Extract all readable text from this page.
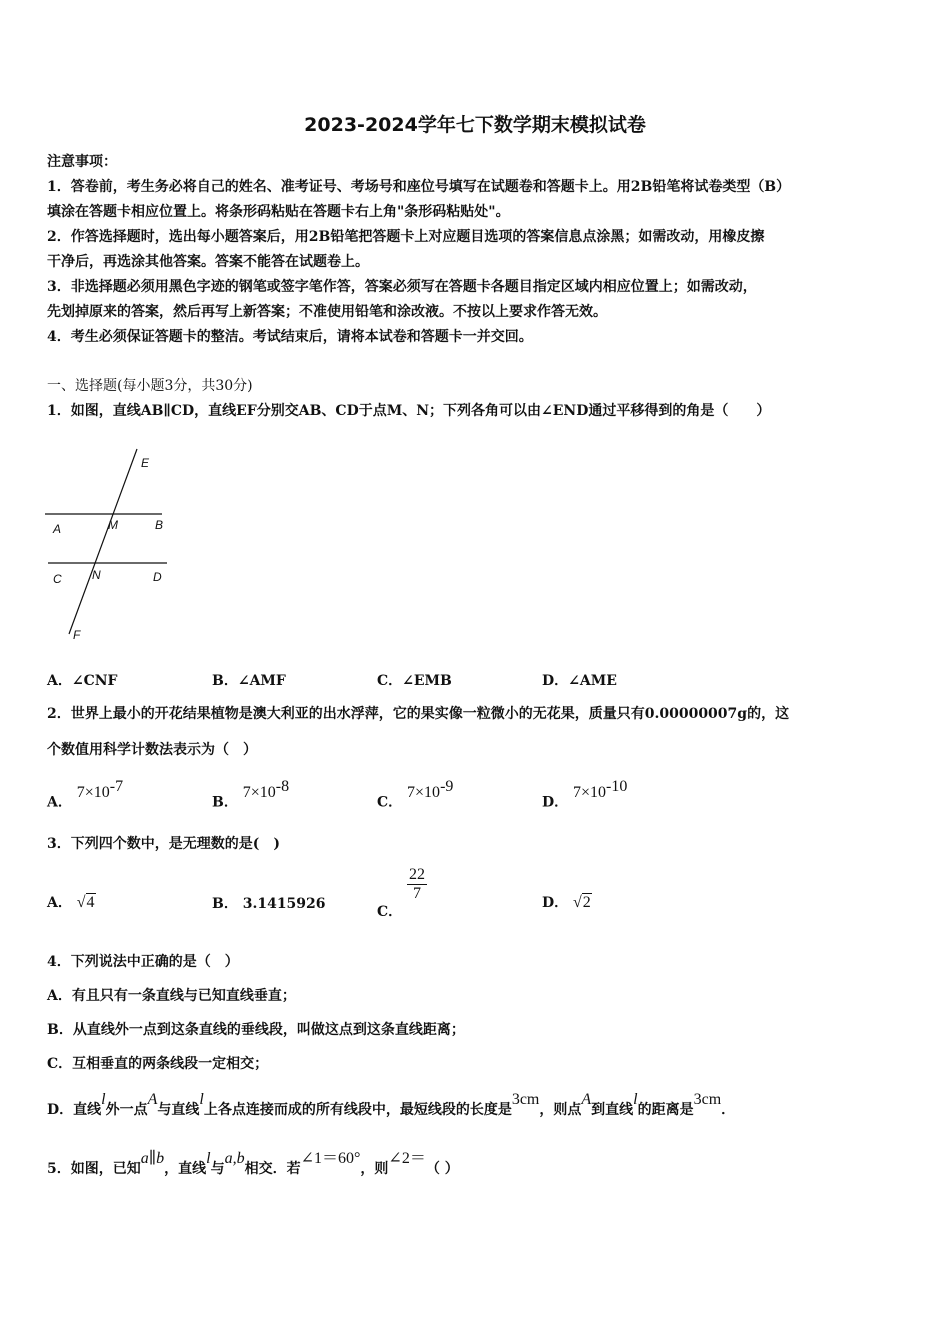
2023-2024学年七下数学期末模拟试卷
注意事项：
1．答卷前，考生务必将自己的姓名、准考证号、考场号和座位号填写在试题卷和答题卡上。用2B铅笔将试卷类型（B）
填涂在答题卡相应位置上。将条形码粘贴在答题卡右上角"条形码粘贴处"。
2．作答选择题时，选出每小题答案后，用2B铅笔把答题卡上对应题目选项的答案信息点涂黑；如需改动，用橡皮擦
干净后，再选涂其他答案。答案不能答在试题卷上。
3．非选择题必须用黑色字迹的钢笔或签字笔作答，答案必须写在答题卡各题目指定区域内相应位置上；如需改动，
先划掉原来的答案，然后再写上新答案；不准使用铅笔和涂改液。不按以上要求作答无效。
4．考生必须保证答题卡的整洁。考试结束后，请将本试卷和答题卡一并交回。
一、选择题(每小题3分，共30分)
1．如图，直线AB∥CD，直线EF分别交AB、CD于点M、N；下列各角可以由∠END通过平移得到的角是（　　）
E
A	M	B
C	N	D
F
A．∠CNF	B．∠AMF	C．∠EMB	D．∠AME
2．世界上最小的开花结果植物是澳大利亚的出水浮萍，它的果实像一粒微小的无花果，质量只有0.00000007g的，这
个数值用科学计数法表示为（　）
A． $7\times 10^{-7}$
B． $7\times 10^{-8}$
C． $7\times 10^{-9}$
D． $7\times 10^{-10}$
3．下列四个数中，是无理数的是(　)
A． √4	B． 3.1415926	C．
$\frac{22}{7}$	D． √2
4．下列说法中正确的是（　）
A．有且只有一条直线与已知直线垂直；
B．从直线外一点到这条直线的垂线段，叫做这点到这条直线距离；
C．互相垂直的两条线段一定相交；
D．直线l外一点A与直线l上各点连接而成的所有线段中，最短线段的长度是3cm，则点A到直线l的距离是3cm．
5．如图，已知a∥b，直线l与a,b相交．若∠1＝60°，则∠2＝（ ）
